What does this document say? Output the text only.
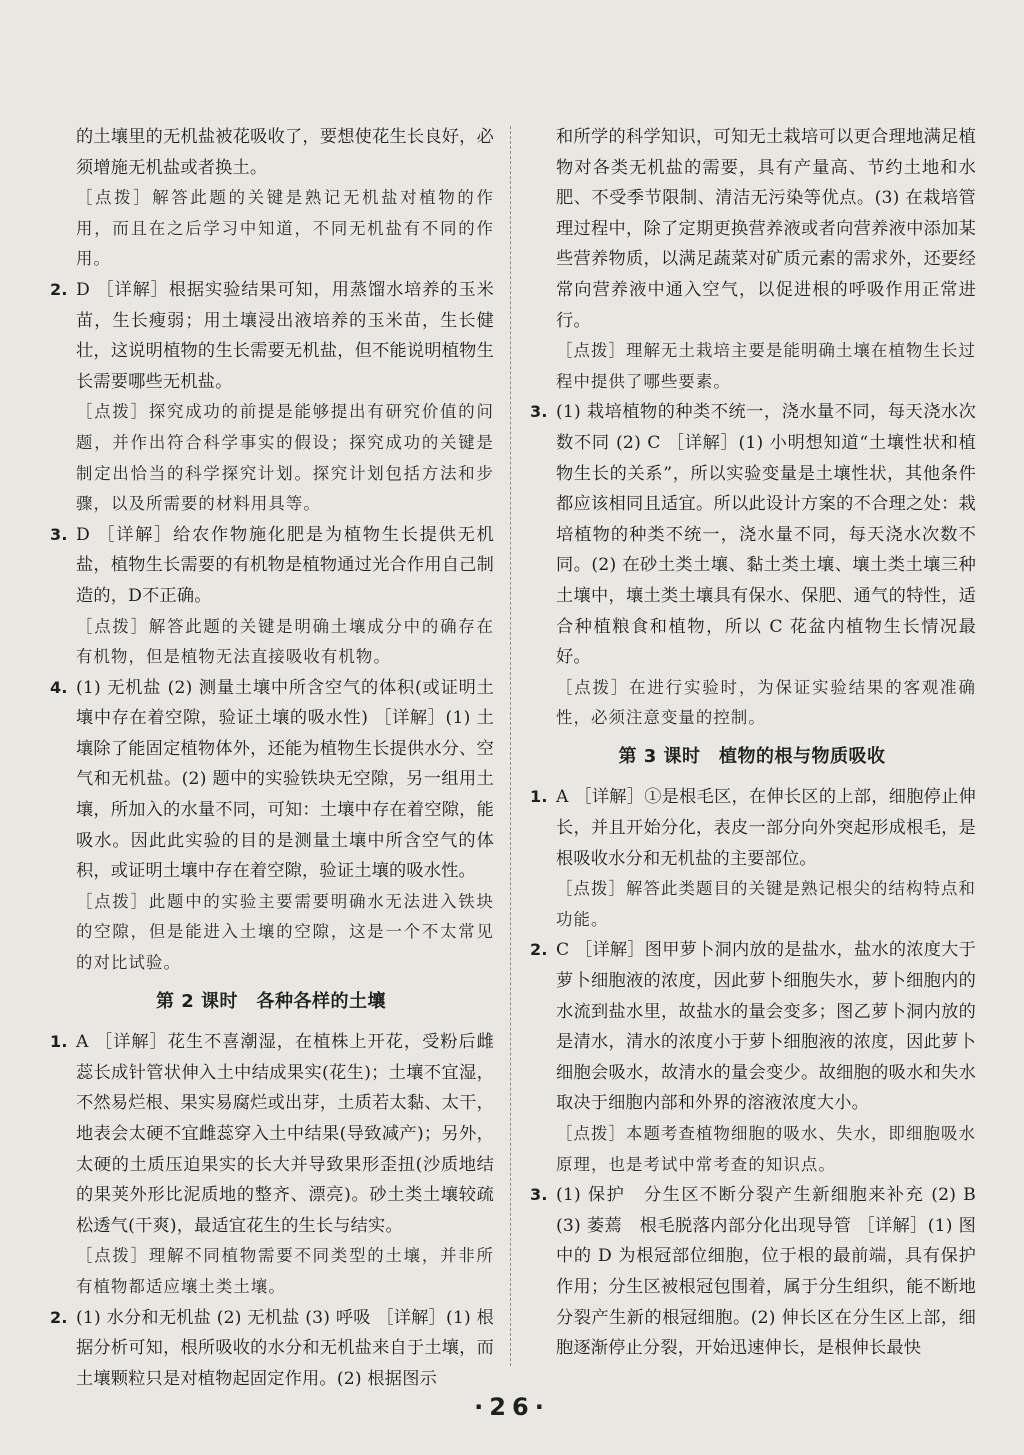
的土壤里的无机盐被花吸收了，要想使花生长良好，必须增施无机盐或者换土。

［点拨］解答此题的关键是熟记无机盐对植物的作用，而且在之后学习中知道，不同无机盐有不同的作用。

2. D ［详解］根据实验结果可知，用蒸馏水培养的玉米苗，生长瘦弱；用土壤浸出液培养的玉米苗，生长健壮，这说明植物的生长需要无机盐，但不能说明植物生长需要哪些无机盐。

［点拨］探究成功的前提是能够提出有研究价值的问题，并作出符合科学事实的假设；探究成功的关键是制定出恰当的科学探究计划。探究计划包括方法和步骤，以及所需要的材料用具等。

3. D ［详解］给农作物施化肥是为植物生长提供无机盐，植物生长需要的有机物是植物通过光合作用自己制造的，D不正确。

［点拨］解答此题的关键是明确土壤成分中的确存在有机物，但是植物无法直接吸收有机物。

4. (1) 无机盐 (2) 测量土壤中所含空气的体积(或证明土壤中存在着空隙，验证土壤的吸水性) ［详解］(1) 土壤除了能固定植物体外，还能为植物生长提供水分、空气和无机盐。(2) 题中的实验铁块无空隙，另一组用土壤，所加入的水量不同，可知：土壤中存在着空隙，能吸水。因此此实验的目的是测量土壤中所含空气的体积，或证明土壤中存在着空隙，验证土壤的吸水性。

［点拨］此题中的实验主要需要明确水无法进入铁块的空隙，但是能进入土壤的空隙，这是一个不太常见的对比试验。

第 2 课时　各种各样的土壤
1. A ［详解］花生不喜潮湿，在植株上开花，受粉后雌蕊长成针管状伸入土中结成果实(花生)；土壤不宜湿，不然易烂根、果实易腐烂或出芽，土质若太黏、太干，地表会太硬不宜雌蕊穿入土中结果(导致减产)；另外，太硬的土质压迫果实的长大并导致果形歪扭(沙质地结的果荚外形比泥质地的整齐、漂亮)。砂土类土壤较疏松透气(干爽)，最适宜花生的生长与结实。

［点拨］理解不同植物需要不同类型的土壤，并非所有植物都适应壤土类土壤。

2. (1) 水分和无机盐 (2) 无机盐 (3) 呼吸 ［详解］(1) 根据分析可知，根所吸收的水分和无机盐来自于土壤，而土壤颗粒只是对植物起固定作用。(2) 根据图示

和所学的科学知识，可知无土栽培可以更合理地满足植物对各类无机盐的需要，具有产量高、节约土地和水肥、不受季节限制、清洁无污染等优点。(3) 在栽培管理过程中，除了定期更换营养液或者向营养液中添加某些营养物质，以满足蔬菜对矿质元素的需求外，还要经常向营养液中通入空气，以促进根的呼吸作用正常进行。

［点拨］理解无土栽培主要是能明确土壤在植物生长过程中提供了哪些要素。

3. (1) 栽培植物的种类不统一，浇水量不同，每天浇水次数不同 (2) C ［详解］(1) 小明想知道“土壤性状和植物生长的关系”，所以实验变量是土壤性状，其他条件都应该相同且适宜。所以此设计方案的不合理之处：栽培植物的种类不统一，浇水量不同，每天浇水次数不同。(2) 在砂土类土壤、黏土类土壤、壤土类土壤三种土壤中，壤土类土壤具有保水、保肥、通气的特性，适合种植粮食和植物，所以 C 花盆内植物生长情况最好。

［点拨］在进行实验时，为保证实验结果的客观准确性，必须注意变量的控制。

第 3 课时　植物的根与物质吸收
1. A ［详解］①是根毛区，在伸长区的上部，细胞停止伸长，并且开始分化，表皮一部分向外突起形成根毛，是根吸收水分和无机盐的主要部位。

［点拨］解答此类题目的关键是熟记根尖的结构特点和功能。

2. C ［详解］图甲萝卜洞内放的是盐水，盐水的浓度大于萝卜细胞液的浓度，因此萝卜细胞失水，萝卜细胞内的水流到盐水里，故盐水的量会变多；图乙萝卜洞内放的是清水，清水的浓度小于萝卜细胞液的浓度，因此萝卜细胞会吸水，故清水的量会变少。故细胞的吸水和失水取决于细胞内部和外界的溶液浓度大小。

［点拨］本题考查植物细胞的吸水、失水，即细胞吸水原理，也是考试中常考查的知识点。

3. (1) 保护　分生区不断分裂产生新细胞来补充 (2) B (3) 萎蔫　根毛脱落内部分化出现导管 ［详解］(1) 图中的 D 为根冠部位细胞，位于根的最前端，具有保护作用；分生区被根冠包围着，属于分生组织，能不断地分裂产生新的根冠细胞。(2) 伸长区在分生区上部，细胞逐渐停止分裂，开始迅速伸长，是根伸长最快
·26·
